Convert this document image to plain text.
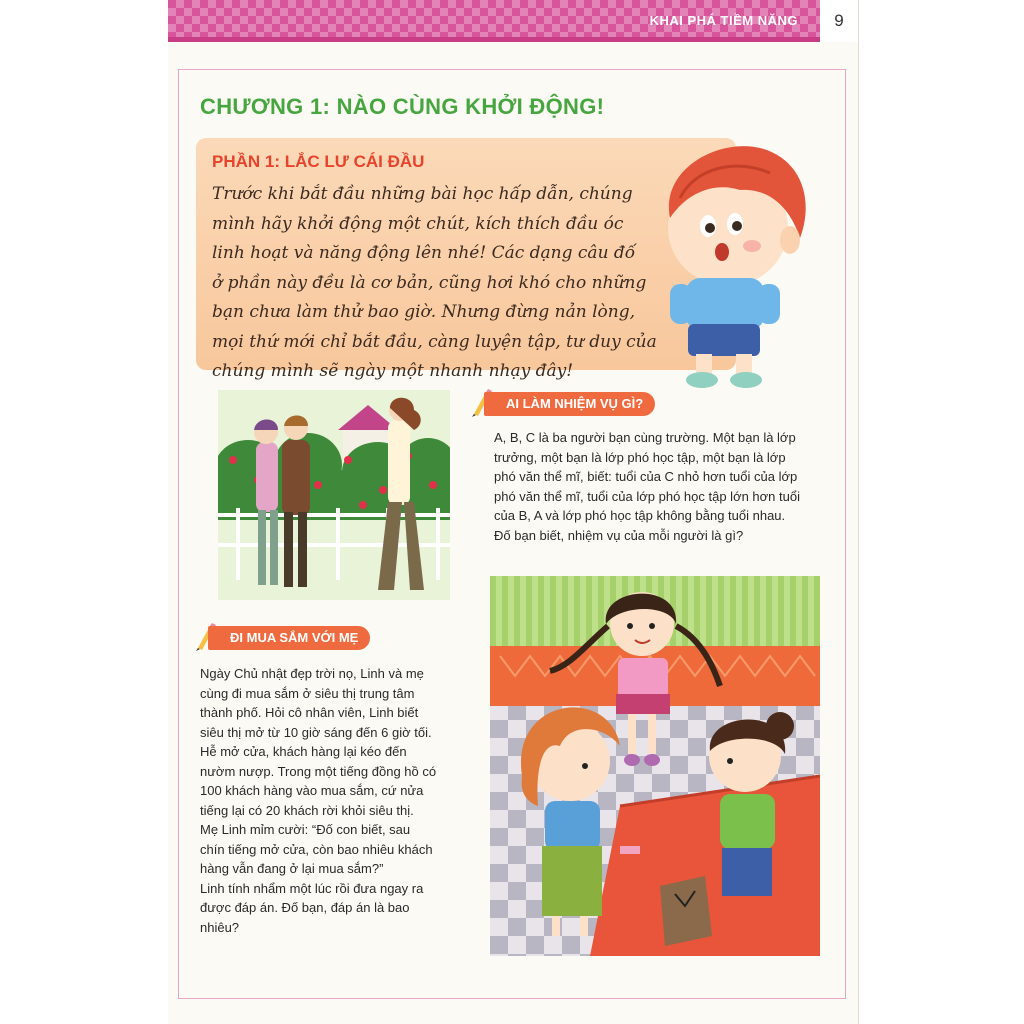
KHAI PHÁ TIỀM NĂNG	9
CHƯƠNG 1: NÀO CÙNG KHỞI ĐỘNG!
PHẦN 1: LẮC LƯ CÁI ĐẦU
Trước khi bắt đầu những bài học hấp dẫn, chúng
mình hãy khởi động một chút, kích thích đầu óc
linh hoạt và năng động lên nhé! Các dạng câu đố
ở phần này đều là cơ bản, cũng hơi khó cho những
bạn chưa làm thử bao giờ. Nhưng đừng nản lòng,
mọi thứ mới chỉ bắt đầu, càng luyện tập, tư duy của
chúng mình sẽ ngày một nhanh nhạy đây!
AI LÀM NHIỆM VỤ GÌ?
A, B, C là ba người bạn cùng trường. Một bạn là lớp
trưởng, một bạn là lớp phó học tập, một bạn là lớp
phó văn thể mĩ, biết: tuổi của C nhỏ hơn tuổi của lớp
phó văn thể mĩ, tuổi của lớp phó học tập lớn hơn tuổi
của B, A và lớp phó học tập không bằng tuổi nhau.
Đố bạn biết, nhiệm vụ của mỗi người là gì?
ĐI MUA SẮM VỚI MẸ
Ngày Chủ nhật đẹp trời nọ, Linh và mẹ
cùng đi mua sắm ở siêu thị trung tâm
thành phố. Hỏi cô nhân viên, Linh biết
siêu thị mở từ 10 giờ sáng đến 6 giờ tối.
Hễ mở cửa, khách hàng lại kéo đến
nườm nượp. Trong một tiếng đồng hồ có
100 khách hàng vào mua sắm, cứ nửa
tiếng lại có 20 khách rời khỏi siêu thị.
Mẹ Linh mỉm cười: “Đố con biết, sau
chín tiếng mở cửa, còn bao nhiêu khách
hàng vẫn đang ở lại mua sắm?”
Linh tính nhẩm một lúc rồi đưa ngay ra
được đáp án. Đố bạn, đáp án là bao
nhiêu?
